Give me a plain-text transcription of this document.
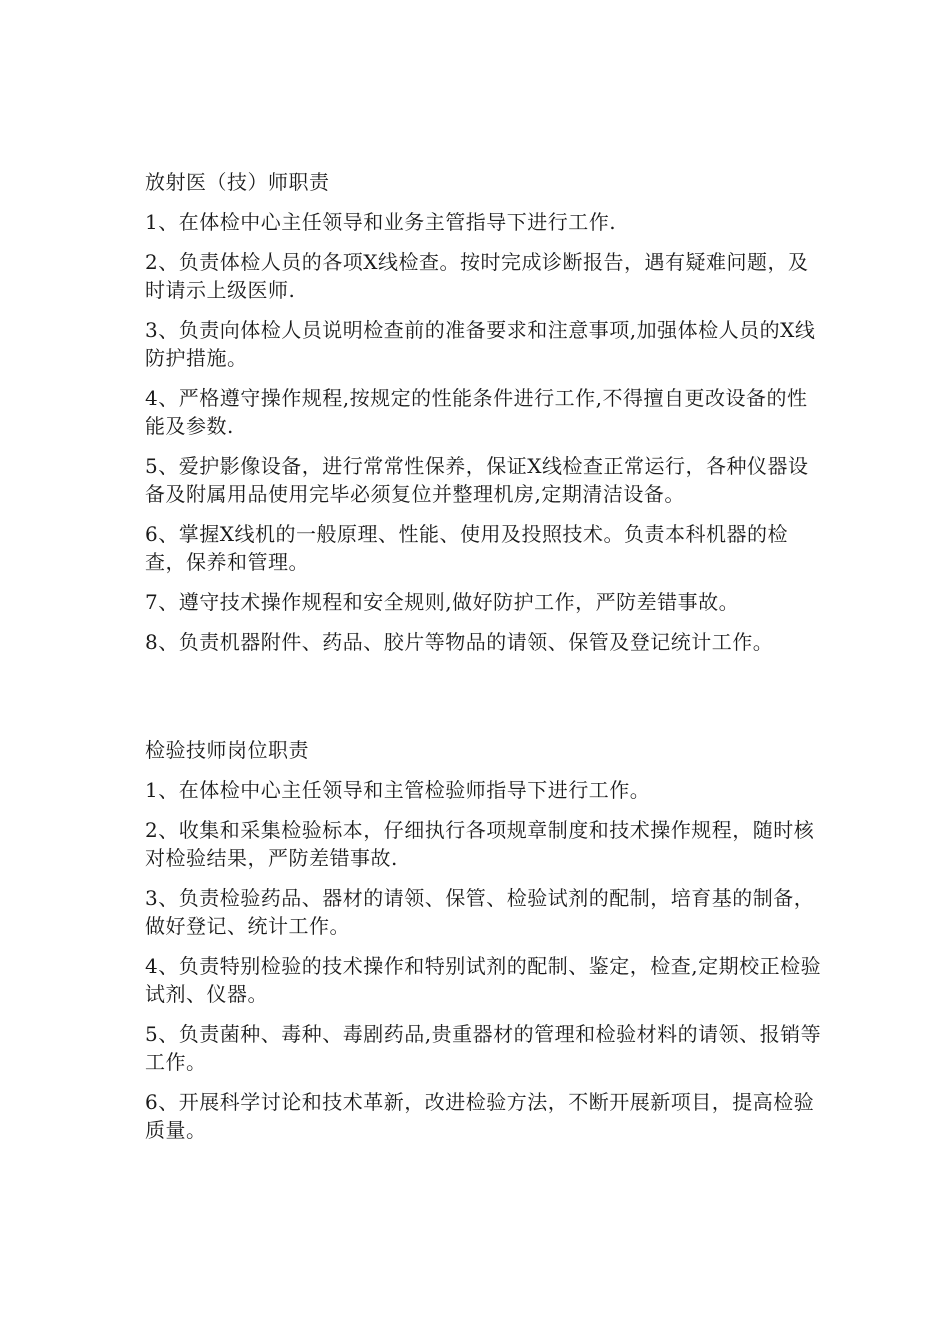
放射医（技）师职责
1、在体检中心主任领导和业务主管指导下进行工作.
2、负责体检人员的各项Ⅹ线检查。按时完成诊断报告，遇有疑难问题，及时请示上级医师.
3、负责向体检人员说明检查前的准备要求和注意事项,加强体检人员的Ⅹ线防护措施。
4、严格遵守操作规程,按规定的性能条件进行工作,不得擅自更改设备的性能及参数.
5、爱护影像设备，进行常常性保养，保证Ⅹ线检查正常运行，各种仪器设备及附属用品使用完毕必须复位并整理机房,定期清洁设备。
6、掌握Ⅹ线机的一般原理、性能、使用及投照技术。负责本科机器的检查，保养和管理。
7、遵守技术操作规程和安全规则,做好防护工作，严防差错事故。
8、负责机器附件、药品、胶片等物品的请领、保管及登记统计工作。
检验技师岗位职责
1、在体检中心主任领导和主管检验师指导下进行工作。
2、收集和采集检验标本，仔细执行各项规章制度和技术操作规程，随时核对检验结果，严防差错事故.
3、负责检验药品、器材的请领、保管、检验试剂的配制，培育基的制备，做好登记、统计工作。
4、负责特别检验的技术操作和特别试剂的配制、鉴定，检查,定期校正检验试剂、仪器。
5、负责菌种、毒种、毒剧药品,贵重器材的管理和检验材料的请领、报销等工作。
6、开展科学讨论和技术革新，改进检验方法，不断开展新项目，提高检验质量。
